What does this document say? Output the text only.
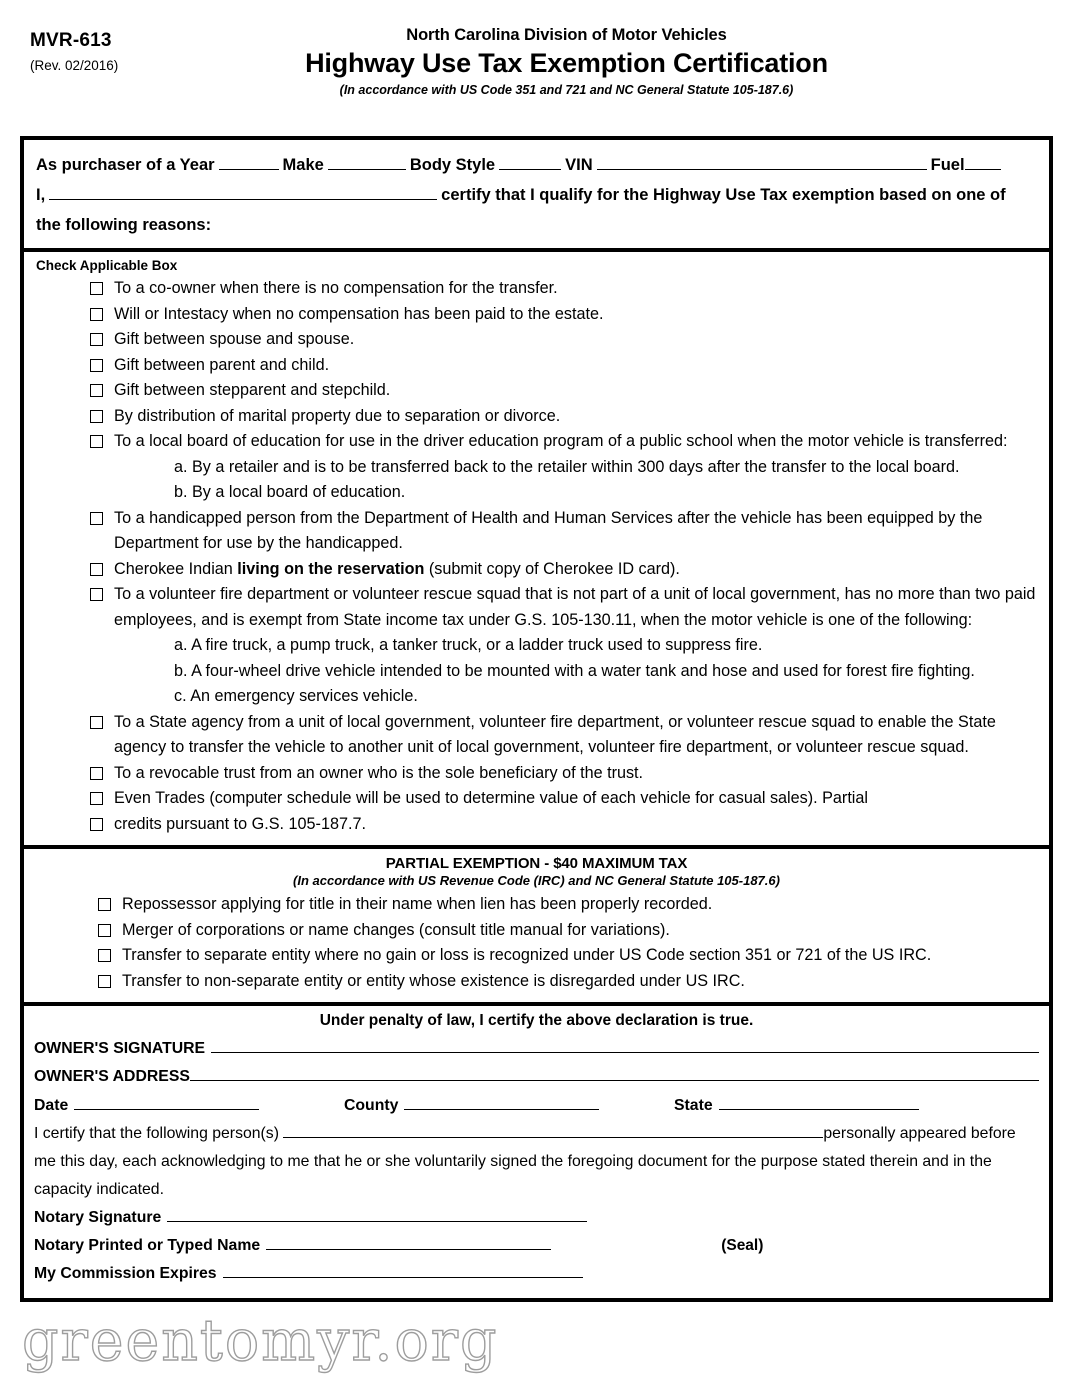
MVR-613
(Rev. 02/2016)
North Carolina Division of Motor Vehicles
Highway Use Tax Exemption Certification
(In accordance with US Code 351 and 721 and NC General Statute 105-187.6)
As purchaser of a Year	Make	Body Style	VIN	Fuel
I,	certify that I qualify for the Highway Use Tax exemption based on one of
the following reasons:
Check Applicable Box
To a co-owner when there is no compensation for the transfer.
Will or Intestacy when no compensation has been paid to the estate.
Gift between spouse and spouse.
Gift between parent and child.
Gift between stepparent and stepchild.
By distribution of marital property due to separation or divorce.
To a local board of education for use in the driver education program of a public school when the motor vehicle is transferred:
a. By a retailer and is to be transferred back to the retailer within 300 days after the transfer to the local board.
b. By a local board of education.
To a handicapped person from the Department of Health and Human Services after the vehicle has been equipped by the Department for use by the handicapped.
Cherokee Indian living on the reservation (submit copy of Cherokee ID card).
To a volunteer fire department or volunteer rescue squad that is not part of a unit of local government, has no more than two paid employees, and is exempt from State income tax under G.S. 105-130.11, when the motor vehicle is one of the following:
a. A fire truck, a pump truck, a tanker truck, or a ladder truck used to suppress fire.
b. A four-wheel drive vehicle intended to be mounted with a water tank and hose and used for forest fire fighting.
c. An emergency services vehicle.
To a State agency from a unit of local government, volunteer fire department, or volunteer rescue squad to enable the State agency to transfer the vehicle to another unit of local government, volunteer fire department, or volunteer rescue squad.
To a revocable trust from an owner who is the sole beneficiary of the trust.
Even Trades (computer schedule will be used to determine value of each vehicle for casual sales). Partial
credits pursuant to G.S. 105-187.7.
PARTIAL EXEMPTION - $40 MAXIMUM TAX
(In accordance with US Revenue Code (IRC) and NC General Statute 105-187.6)
Repossessor applying for title in their name when lien has been properly recorded.
Merger of corporations or name changes (consult title manual for variations).
Transfer to separate entity where no gain or loss is recognized under US Code section 351 or 721 of the US IRC.
Transfer to non-separate entity or entity whose existence is disregarded under US IRC.
Under penalty of law, I certify the above declaration is true.
OWNER'S SIGNATURE
OWNER'S ADDRESS
Date	County	State
I certify that the following person(s)	personally appeared before
me this day, each acknowledging to me that he or she voluntarily signed the foregoing document for the purpose stated therein and in the
capacity indicated.
Notary Signature
Notary Printed or Typed Name	(Seal)
My Commission Expires
greentomyr.org
